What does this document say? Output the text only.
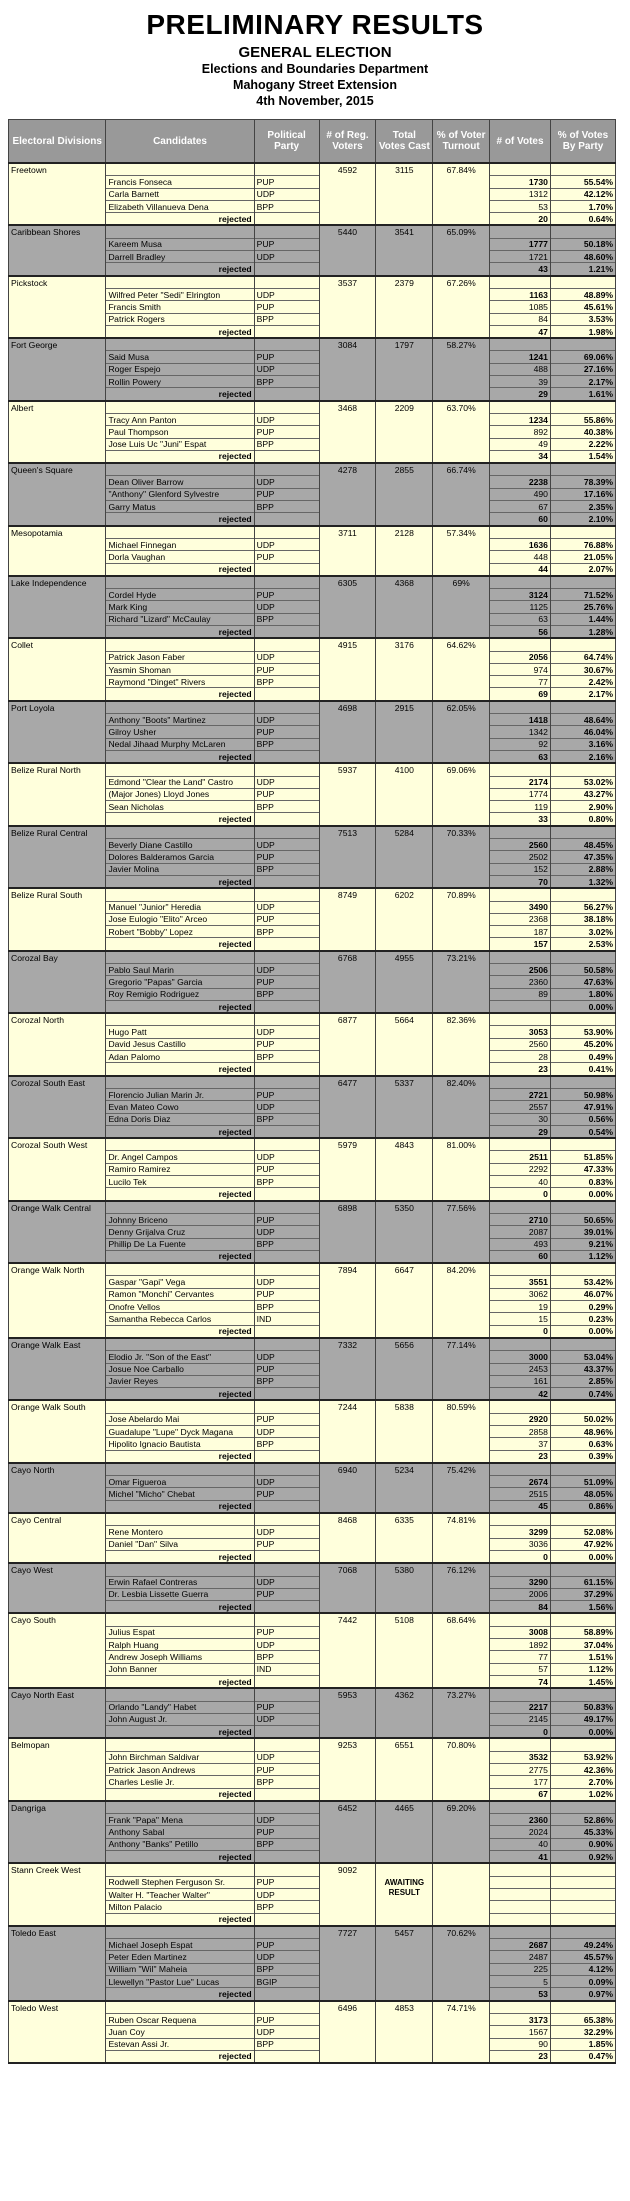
PRELIMINARY RESULTS
GENERAL ELECTION
Elections and Boundaries Department
Mahogany Street Extension
4th November, 2015
Electoral Divisions	Candidates	Political Party	# of Reg. Voters	Total Votes Cast	% of Voter Turnout	# of Votes	% of Votes By Party
Freetown			4592	3115	67.84%		
	Francis Fonseca	PUP				1730	55.54%
	Carla Barnett	UDP				1312	42.12%
	Elizabeth Villanueva Dena	BPP				53	1.70%
	rejected					20	0.64%
Caribbean Shores			5440	3541	65.09%		
	Kareem Musa	PUP				1777	50.18%
	Darrell Bradley	UDP				1721	48.60%
	rejected					43	1.21%
Pickstock			3537	2379	67.26%		
	Wilfred Peter "Sedi" Elrington	UDP				1163	48.89%
	Francis Smith	PUP				1085	45.61%
	Patrick Rogers	BPP				84	3.53%
	rejected					47	1.98%
Fort George			3084	1797	58.27%		
	Said Musa	PUP				1241	69.06%
	Roger Espejo	UDP				488	27.16%
	Rollin Powery	BPP				39	2.17%
	rejected					29	1.61%
Albert			3468	2209	63.70%		
	Tracy Ann Panton	UDP				1234	55.86%
	Paul Thompson	PUP				892	40.38%
	Jose Luis Uc "Juni" Espat	BPP				49	2.22%
	rejected					34	1.54%
Queen's Square			4278	2855	66.74%		
	Dean Oliver Barrow	UDP				2238	78.39%
	"Anthony" Glenford Sylvestre	PUP				490	17.16%
	Garry Matus	BPP				67	2.35%
	rejected					60	2.10%
Mesopotamia			3711	2128	57.34%		
	Michael Finnegan	UDP				1636	76.88%
	Dorla Vaughan	PUP				448	21.05%
	rejected					44	2.07%
Lake Independence			6305	4368	69%		
	Cordel Hyde	PUP				3124	71.52%
	Mark King	UDP				1125	25.76%
	Richard "Lizard" McCaulay	BPP				63	1.44%
	rejected					56	1.28%
Collet			4915	3176	64.62%		
	Patrick Jason Faber	UDP				2056	64.74%
	Yasmin Shoman	PUP				974	30.67%
	Raymond "Dinget" Rivers	BPP				77	2.42%
	rejected					69	2.17%
Port Loyola			4698	2915	62.05%		
	Anthony "Boots" Martinez	UDP				1418	48.64%
	Gilroy Usher	PUP				1342	46.04%
	Nedal Jihaad Murphy McLaren	BPP				92	3.16%
	rejected					63	2.16%
Belize Rural North			5937	4100	69.06%		
	Edmond "Clear the Land" Castro	UDP				2174	53.02%
	(Major Jones) Lloyd Jones	PUP				1774	43.27%
	Sean Nicholas	BPP				119	2.90%
	rejected					33	0.80%
Belize Rural Central			7513	5284	70.33%		
	Beverly Diane Castillo	UDP				2560	48.45%
	Dolores Balderamos Garcia	PUP				2502	47.35%
	Javier Molina	BPP				152	2.88%
	rejected					70	1.32%
Belize Rural South			8749	6202	70.89%		
	Manuel "Junior" Heredia	UDP				3490	56.27%
	Jose Eulogio "Elito" Arceo	PUP				2368	38.18%
	Robert "Bobby" Lopez	BPP				187	3.02%
	rejected					157	2.53%
Corozal Bay			6768	4955	73.21%		
	Pablo Saul Marin	UDP				2506	50.58%
	Gregorio "Papas" Garcia	PUP				2360	47.63%
	Roy Remigio Rodriguez	BPP				89	1.80%
	rejected						0.00%
Corozal North			6877	5664	82.36%		
	Hugo Patt	UDP				3053	53.90%
	David Jesus Castillo	PUP				2560	45.20%
	Adan Palomo	BPP				28	0.49%
	rejected					23	0.41%
Corozal South East			6477	5337	82.40%		
	Florencio Julian Marin Jr.	PUP				2721	50.98%
	Evan Mateo Cowo	UDP				2557	47.91%
	Edna Doris Diaz	BPP				30	0.56%
	rejected					29	0.54%
Corozal South West			5979	4843	81.00%		
	Dr. Angel Campos	UDP				2511	51.85%
	Ramiro Ramirez	PUP				2292	47.33%
	Lucilo Tek	BPP				40	0.83%
	rejected					0	0.00%
Orange Walk Central			6898	5350	77.56%		
	Johnny Briceno	PUP				2710	50.65%
	Denny Grijalva Cruz	UDP				2087	39.01%
	Phillip De La Fuente	BPP				493	9.21%
	rejected					60	1.12%
Orange Walk North			7894	6647	84.20%		
	Gaspar "Gapi" Vega	UDP				3551	53.42%
	Ramon "Monchi" Cervantes	PUP				3062	46.07%
	Onofre Vellos	BPP				19	0.29%
	Samantha Rebecca Carlos	IND				15	0.23%
	rejected					0	0.00%
Orange Walk East			7332	5656	77.14%		
	Elodio Jr. "Son of the East"	UDP				3000	53.04%
	Josue Noe Carballo	PUP				2453	43.37%
	Javier Reyes	BPP				161	2.85%
	rejected					42	0.74%
Orange Walk South			7244	5838	80.59%		
	Jose Abelardo Mai	PUP				2920	50.02%
	Guadalupe "Lupe" Dyck Magana	UDP				2858	48.96%
	Hipolito Ignacio Bautista	BPP				37	0.63%
	rejected					23	0.39%
Cayo North			6940	5234	75.42%		
	Omar Figueroa	UDP				2674	51.09%
	Michel "Micho" Chebat	PUP				2515	48.05%
	rejected					45	0.86%
Cayo Central			8468	6335	74.81%		
	Rene Montero	UDP				3299	52.08%
	Daniel "Dan" Silva	PUP				3036	47.92%
	rejected					0	0.00%
Cayo West			7068	5380	76.12%		
	Erwin Rafael Contreras	UDP				3290	61.15%
	Dr. Lesbia Lissette Guerra	PUP				2006	37.29%
	rejected					84	1.56%
Cayo South			7442	5108	68.64%		
	Julius Espat	PUP				3008	58.89%
	Ralph Huang	UDP				1892	37.04%
	Andrew Joseph Williams	BPP				77	1.51%
	John Banner	IND				57	1.12%
	rejected					74	1.45%
Cayo North East			5953	4362	73.27%		
	Orlando "Landy" Habet	PUP				2217	50.83%
	John August Jr.	UDP				2145	49.17%
	rejected					0	0.00%
Belmopan			9253	6551	70.80%		
	John Birchman Saldivar	UDP				3532	53.92%
	Patrick Jason Andrews	PUP				2775	42.36%
	Charles Leslie Jr.	BPP				177	2.70%
	rejected					67	1.02%
Dangriga			6452	4465	69.20%		
	Frank "Papa" Mena	UDP				2360	52.86%
	Anthony Sabal	PUP				2024	45.33%
	Anthony "Banks" Petillo	BPP				40	0.90%
	rejected					41	0.92%
Stann Creek West			9092				
	Rodwell Stephen Ferguson Sr.	PUP		AWAITING RESULT			
	Walter H. "Teacher Walter"	UDP					
	Milton Palacio	BPP					
	rejected						
Toledo East			7727	5457	70.62%		
	Michael Joseph Espat	PUP				2687	49.24%
	Peter Eden Martinez	UDP				2487	45.57%
	William "Wil" Maheia	BPP				225	4.12%
	Llewellyn "Pastor Lue" Lucas	BGIP				5	0.09%
	rejected					53	0.97%
Toledo West			6496	4853	74.71%		
	Ruben Oscar Requena	PUP				3173	65.38%
	Juan Coy	UDP				1567	32.29%
	Estevan Assi Jr.	BPP				90	1.85%
	rejected					23	0.47%
